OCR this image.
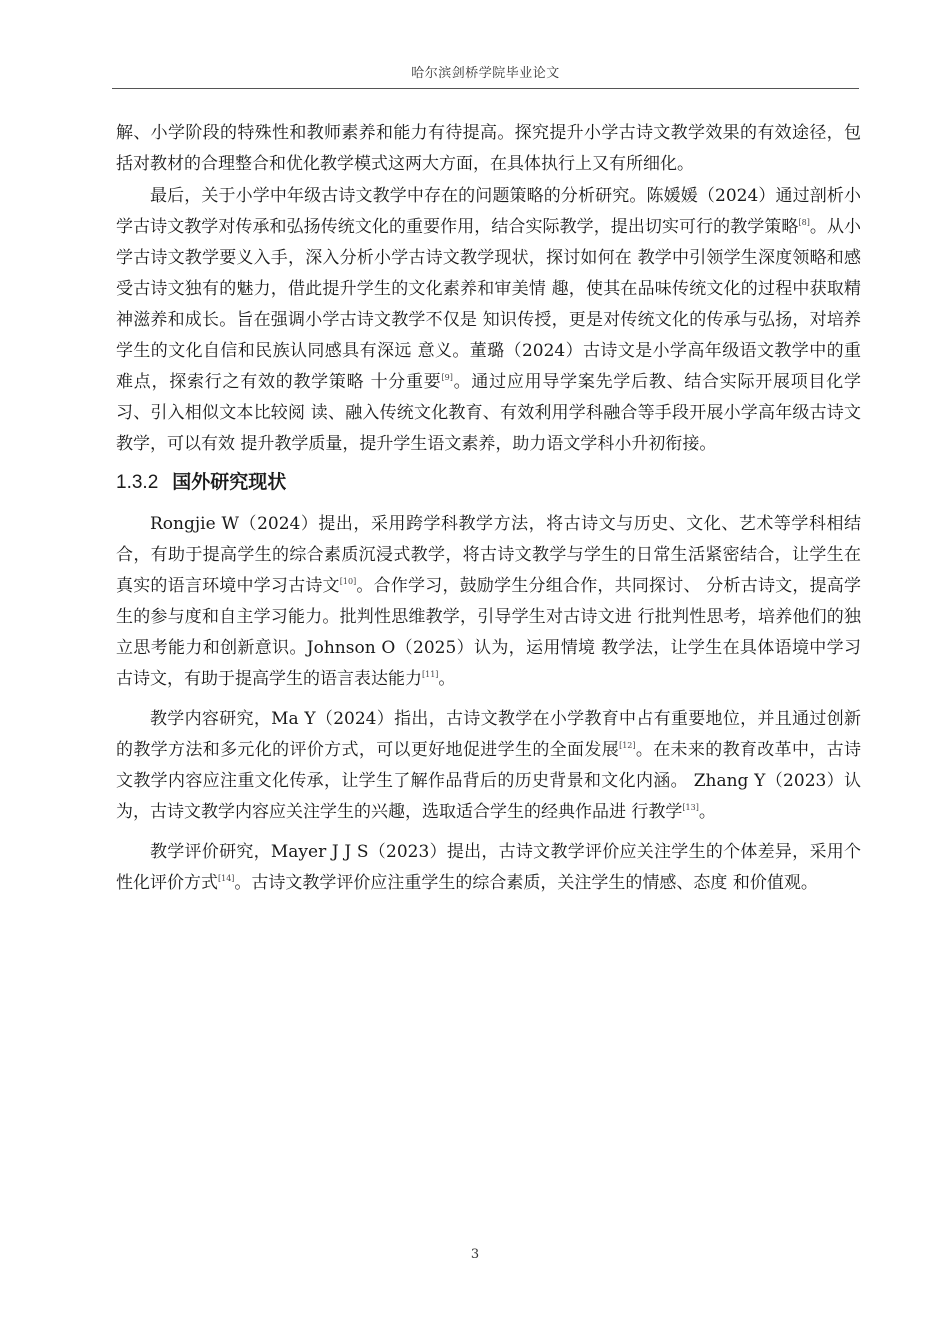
哈尔滨剑桥学院毕业论文

解、小学阶段的特殊性和教师素养和能力有待提高。探究提升小学古诗文教学效果的有效途径，包括对教材的合理整合和优化教学模式这两大方面，在具体执行上又有所细化。

最后，关于小学中年级古诗文教学中存在的问题策略的分析研究。陈媛媛（2024）通过剖析小学古诗文教学对传承和弘扬传统文化的重要作用，结合实际教学，提出切实可行的教学策略[8]。从小学古诗文教学要义入手，深入分析小学古诗文教学现状，探讨如何在 教学中引领学生深度领略和感受古诗文独有的魅力，借此提升学生的文化素养和审美情 趣，使其在品味传统文化的过程中获取精神滋养和成长。旨在强调小学古诗文教学不仅是 知识传授，更是对传统文化的传承与弘扬，对培养学生的文化自信和民族认同感具有深远 意义。董璐（2024）古诗文是小学高年级语文教学中的重难点，探索行之有效的教学策略 十分重要[9]。通过应用导学案先学后教、结合实际开展项目化学习、引入相似文本比较阅 读、融入传统文化教育、有效利用学科融合等手段开展小学高年级古诗文教学，可以有效 提升教学质量，提升学生语文素养，助力语文学科小升初衔接。

1.3.2 国外研究现状

Rongjie W（2024）提出，采用跨学科教学方法，将古诗文与历史、文化、艺术等学科相结合，有助于提高学生的综合素质沉浸式教学，将古诗文教学与学生的日常生活紧密结合，让学生在真实的语言环境中学习古诗文[10]。合作学习，鼓励学生分组合作，共同探讨、 分析古诗文，提高学生的参与度和自主学习能力。批判性思维教学，引导学生对古诗文进 行批判性思考，培养他们的独立思考能力和创新意识。Johnson O（2025）认为，运用情境 教学法，让学生在具体语境中学习古诗文，有助于提高学生的语言表达能力[11]。

教学内容研究，Ma Y（2024）指出，古诗文教学在小学教育中占有重要地位，并且通过创新的教学方法和多元化的评价方式，可以更好地促进学生的全面发展[12]。在未来的教育改革中，古诗文教学内容应注重文化传承，让学生了解作品背后的历史背景和文化内涵。 Zhang Y（2023）认为，古诗文教学内容应关注学生的兴趣，选取适合学生的经典作品进 行教学[13]。

教学评价研究，Mayer J J S（2023）提出，古诗文教学评价应关注学生的个体差异，采用个性化评价方式[14]。古诗文教学评价应注重学生的综合素质，关注学生的情感、态度 和价值观。

3
